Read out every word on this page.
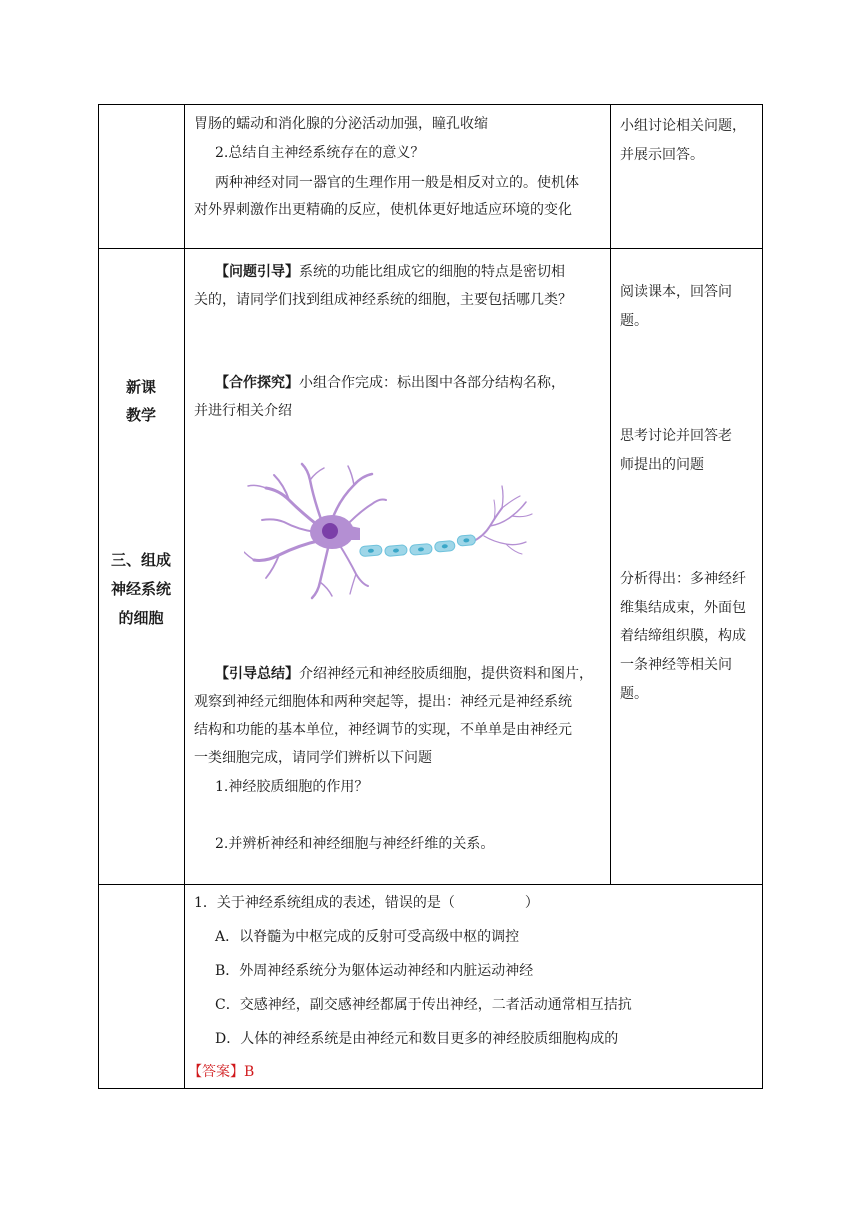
胃肠的蠕动和消化腺的分泌活动加强，瞳孔收缩
2.总结自主神经系统存在的意义？
两种神经对同一器官的生理作用一般是相反对立的。使机体
对外界刺激作出更精确的反应，使机体更好地适应环境的变化
小组讨论相关问题，
并展示回答。
新课
教学
三、组成
神经系统
的细胞
【问题引导】系统的功能比组成它的细胞的特点是密切相
关的，请同学们找到组成神经系统的细胞，主要包括哪几类？
【合作探究】小组合作完成：标出图中各部分结构名称，
并进行相关介绍
【引导总结】介绍神经元和神经胶质细胞，提供资料和图片，
观察到神经元细胞体和两种突起等，提出：神经元是神经系统
结构和功能的基本单位，神经调节的实现，不单单是由神经元
一类细胞完成，请同学们辨析以下问题
1.神经胶质细胞的作用？
2.并辨析神经和神经细胞与神经纤维的关系。
阅读课本，回答问
题。
思考讨论并回答老
师提出的问题
分析得出：多神经纤
维集结成束，外面包
着结缔组织膜，构成
一条神经等相关问
题。
1．关于神经系统组成的表述，错误的是（　　　　　）
A．以脊髓为中枢完成的反射可受高级中枢的调控
B．外周神经系统分为躯体运动神经和内脏运动神经
C．交感神经，副交感神经都属于传出神经，二者活动通常相互拮抗
D．人体的神经系统是由神经元和数目更多的神经胶质细胞构成的
【答案】B
